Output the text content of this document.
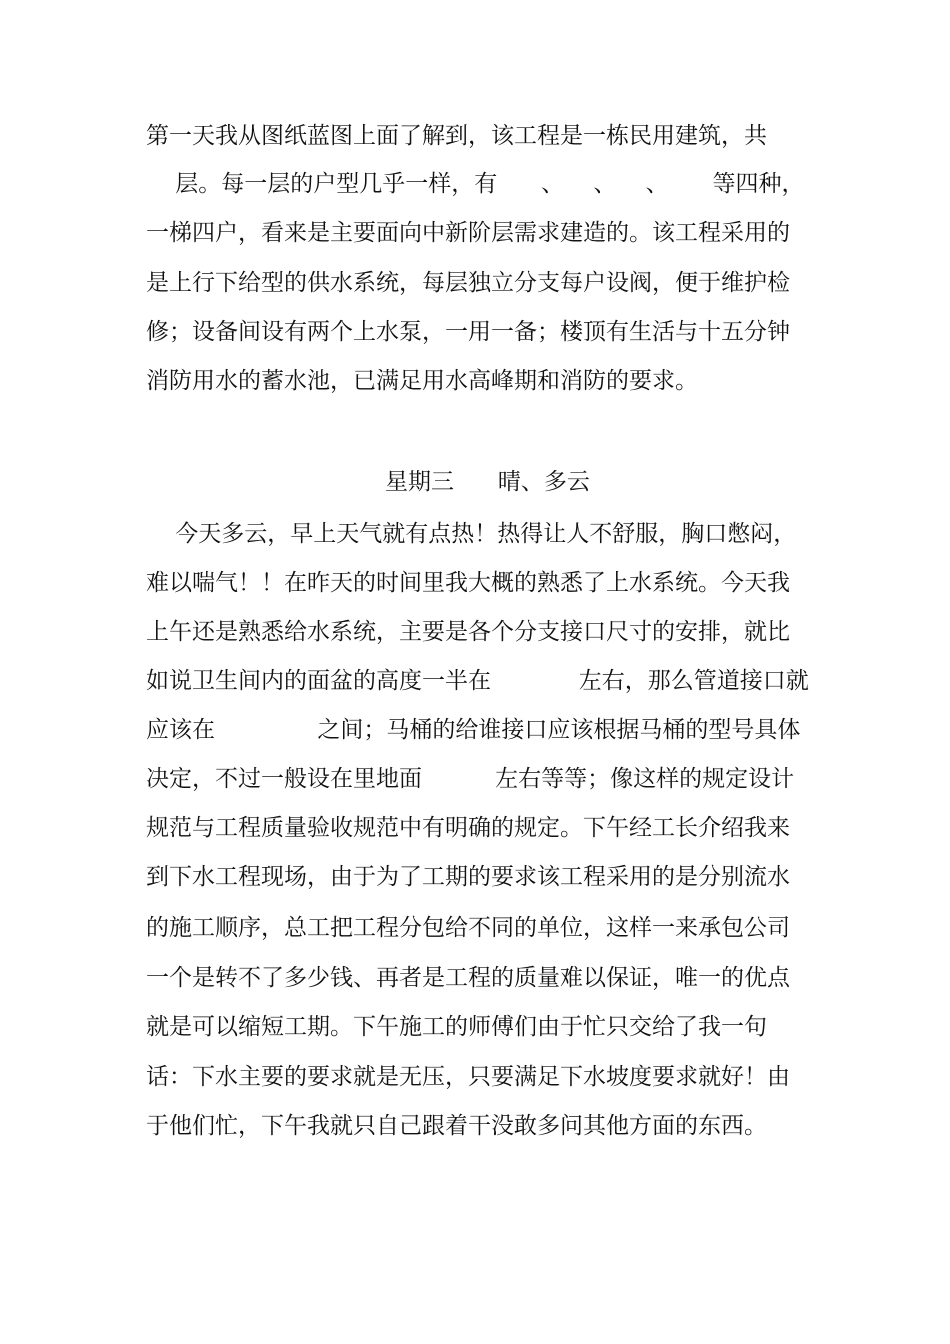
第一天我从图纸蓝图上面了解到，该工程是一栋民用建筑，共
层。每一层的户型几乎一样，有      、    、    、      等四种，
一梯四户，看来是主要面向中新阶层需求建造的。该工程采用的
是上行下给型的供水系统，每层独立分支每户设阀，便于维护检
修；设备间设有两个上水泵，一用一备；楼顶有生活与十五分钟
消防用水的蓄水池，已满足用水高峰期和消防的要求。
星期三      晴、多云
今天多云，早上天气就有点热！热得让人不舒服，胸口憋闷，
难以喘气！！在昨天的时间里我大概的熟悉了上水系统。今天我
上午还是熟悉给水系统，主要是各个分支接口尺寸的安排，就比
如说卫生间内的面盆的高度一半在            左右，那么管道接口就
应该在              之间；马桶的给谁接口应该根据马桶的型号具体
决定，不过一般设在里地面          左右等等；像这样的规定设计
规范与工程质量验收规范中有明确的规定。下午经工长介绍我来
到下水工程现场，由于为了工期的要求该工程采用的是分别流水
的施工顺序，总工把工程分包给不同的单位，这样一来承包公司
一个是转不了多少钱、再者是工程的质量难以保证，唯一的优点
就是可以缩短工期。下午施工的师傅们由于忙只交给了我一句
话：下水主要的要求就是无压，只要满足下水坡度要求就好！由
于他们忙，下午我就只自己跟着干没敢多问其他方面的东西。
